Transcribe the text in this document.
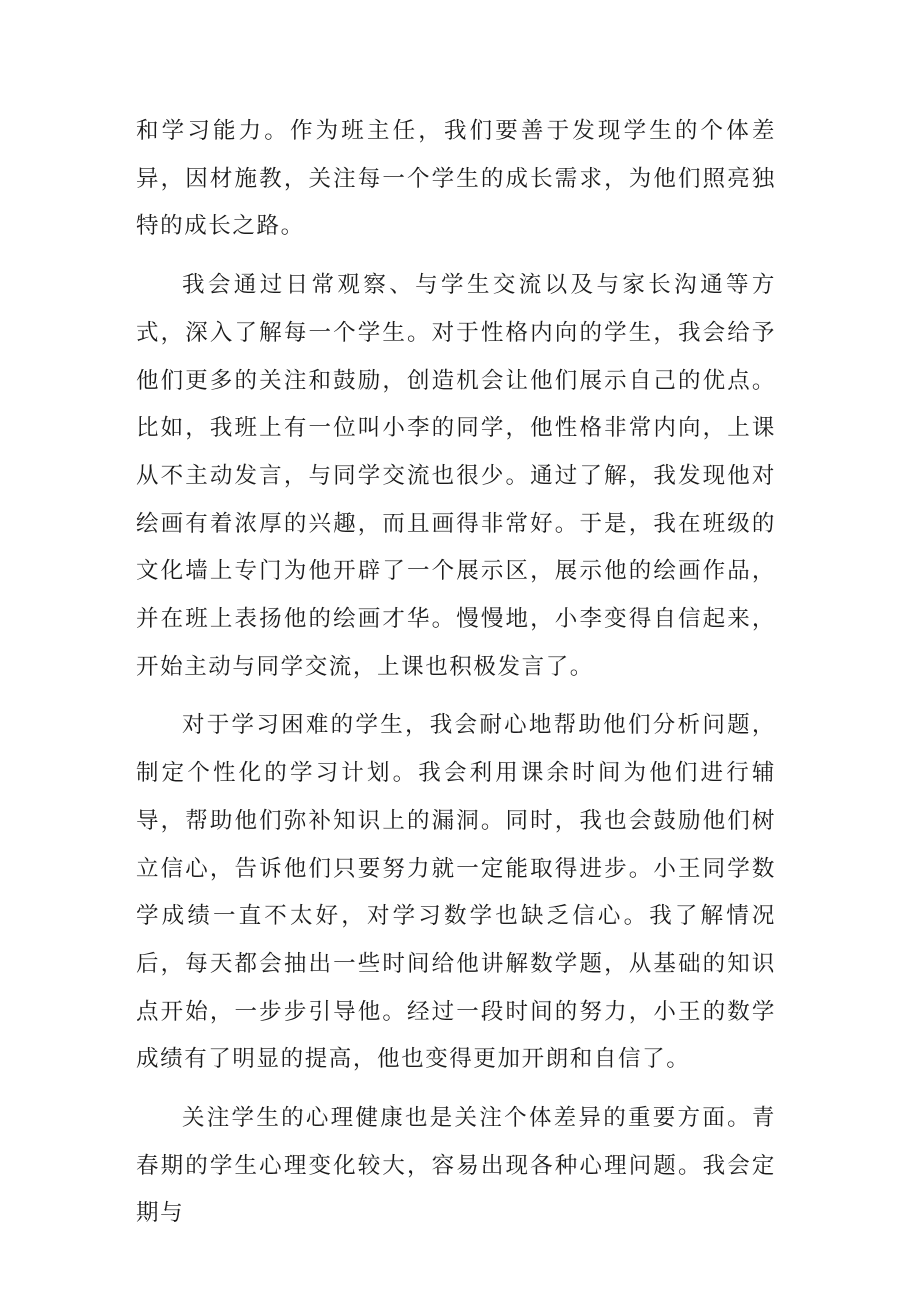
和学习能力。作为班主任，我们要善于发现学生的个体差异，因材施教，关注每一个学生的成长需求，为他们照亮独特的成长之路。

我会通过日常观察、与学生交流以及与家长沟通等方式，深入了解每一个学生。对于性格内向的学生，我会给予他们更多的关注和鼓励，创造机会让他们展示自己的优点。比如，我班上有一位叫小李的同学，他性格非常内向，上课从不主动发言，与同学交流也很少。通过了解，我发现他对绘画有着浓厚的兴趣，而且画得非常好。于是，我在班级的文化墙上专门为他开辟了一个展示区，展示他的绘画作品，并在班上表扬他的绘画才华。慢慢地，小李变得自信起来，开始主动与同学交流，上课也积极发言了。

对于学习困难的学生，我会耐心地帮助他们分析问题，制定个性化的学习计划。我会利用课余时间为他们进行辅导，帮助他们弥补知识上的漏洞。同时，我也会鼓励他们树立信心，告诉他们只要努力就一定能取得进步。小王同学数学成绩一直不太好，对学习数学也缺乏信心。我了解情况后，每天都会抽出一些时间给他讲解数学题，从基础的知识点开始，一步步引导他。经过一段时间的努力，小王的数学成绩有了明显的提高，他也变得更加开朗和自信了。

关注学生的心理健康也是关注个体差异的重要方面。青春期的学生心理变化较大，容易出现各种心理问题。我会定期与
